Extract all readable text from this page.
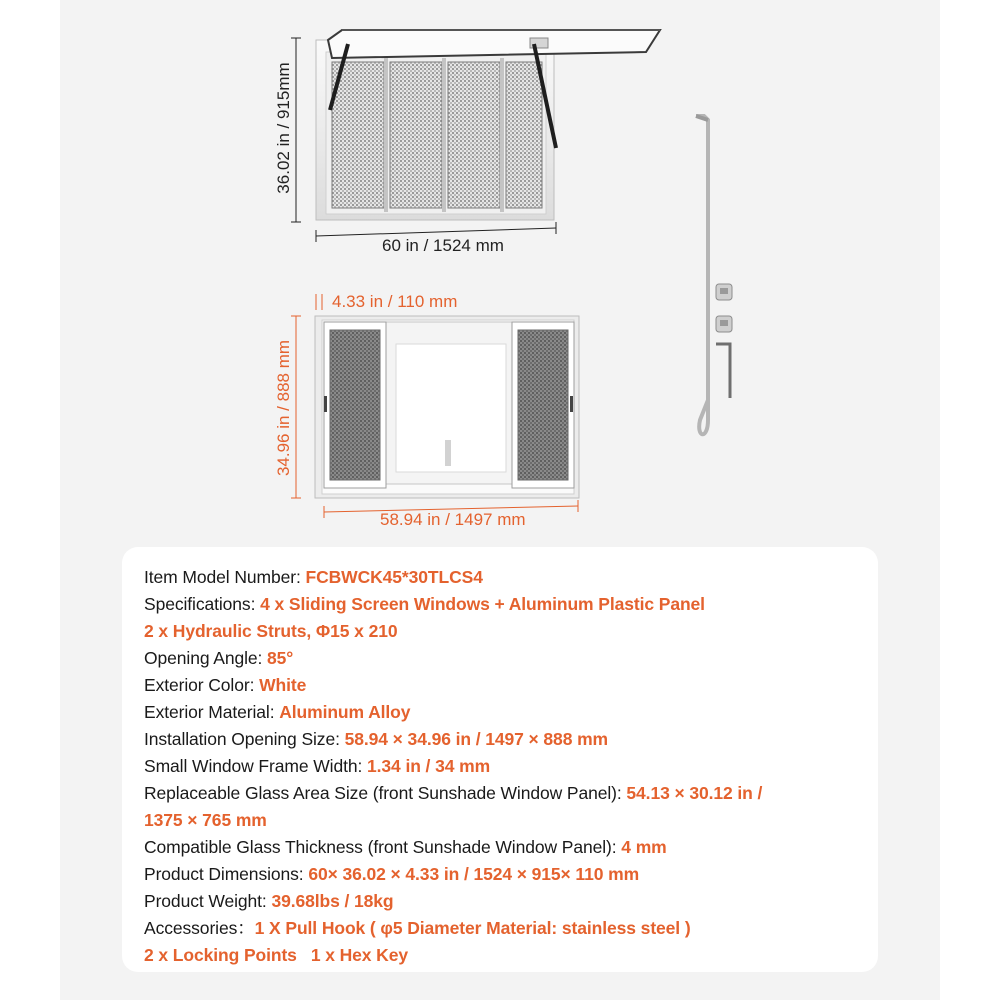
36.02 in / 915mm
60 in / 1524 mm
4.33 in / 110 mm
34.96 in / 888 mm
58.94 in / 1497 mm
Item Model Number: FCBWCK45*30TLCS4
Specifications: 4 x Sliding Screen Windows + Aluminum Plastic Panel
2 x Hydraulic Struts, Φ15 x 210
Opening Angle: 85°
Exterior Color: White
Exterior Material: Aluminum Alloy
Installation Opening Size: 58.94 × 34.96 in / 1497 × 888 mm
Small Window Frame Width: 1.34 in / 34 mm
Replaceable Glass Area Size (front Sunshade Window Panel): 54.13 × 30.12 in /
1375 × 765 mm
Compatible Glass Thickness (front Sunshade Window Panel): 4 mm
Product Dimensions: 60× 36.02 × 4.33 in / 1524 × 915× 110 mm
Product Weight: 39.68lbs / 18kg
Accessories：1 X Pull Hook ( φ5 Diameter Material: stainless steel )
2 x Locking Points 1 x Hex Key
